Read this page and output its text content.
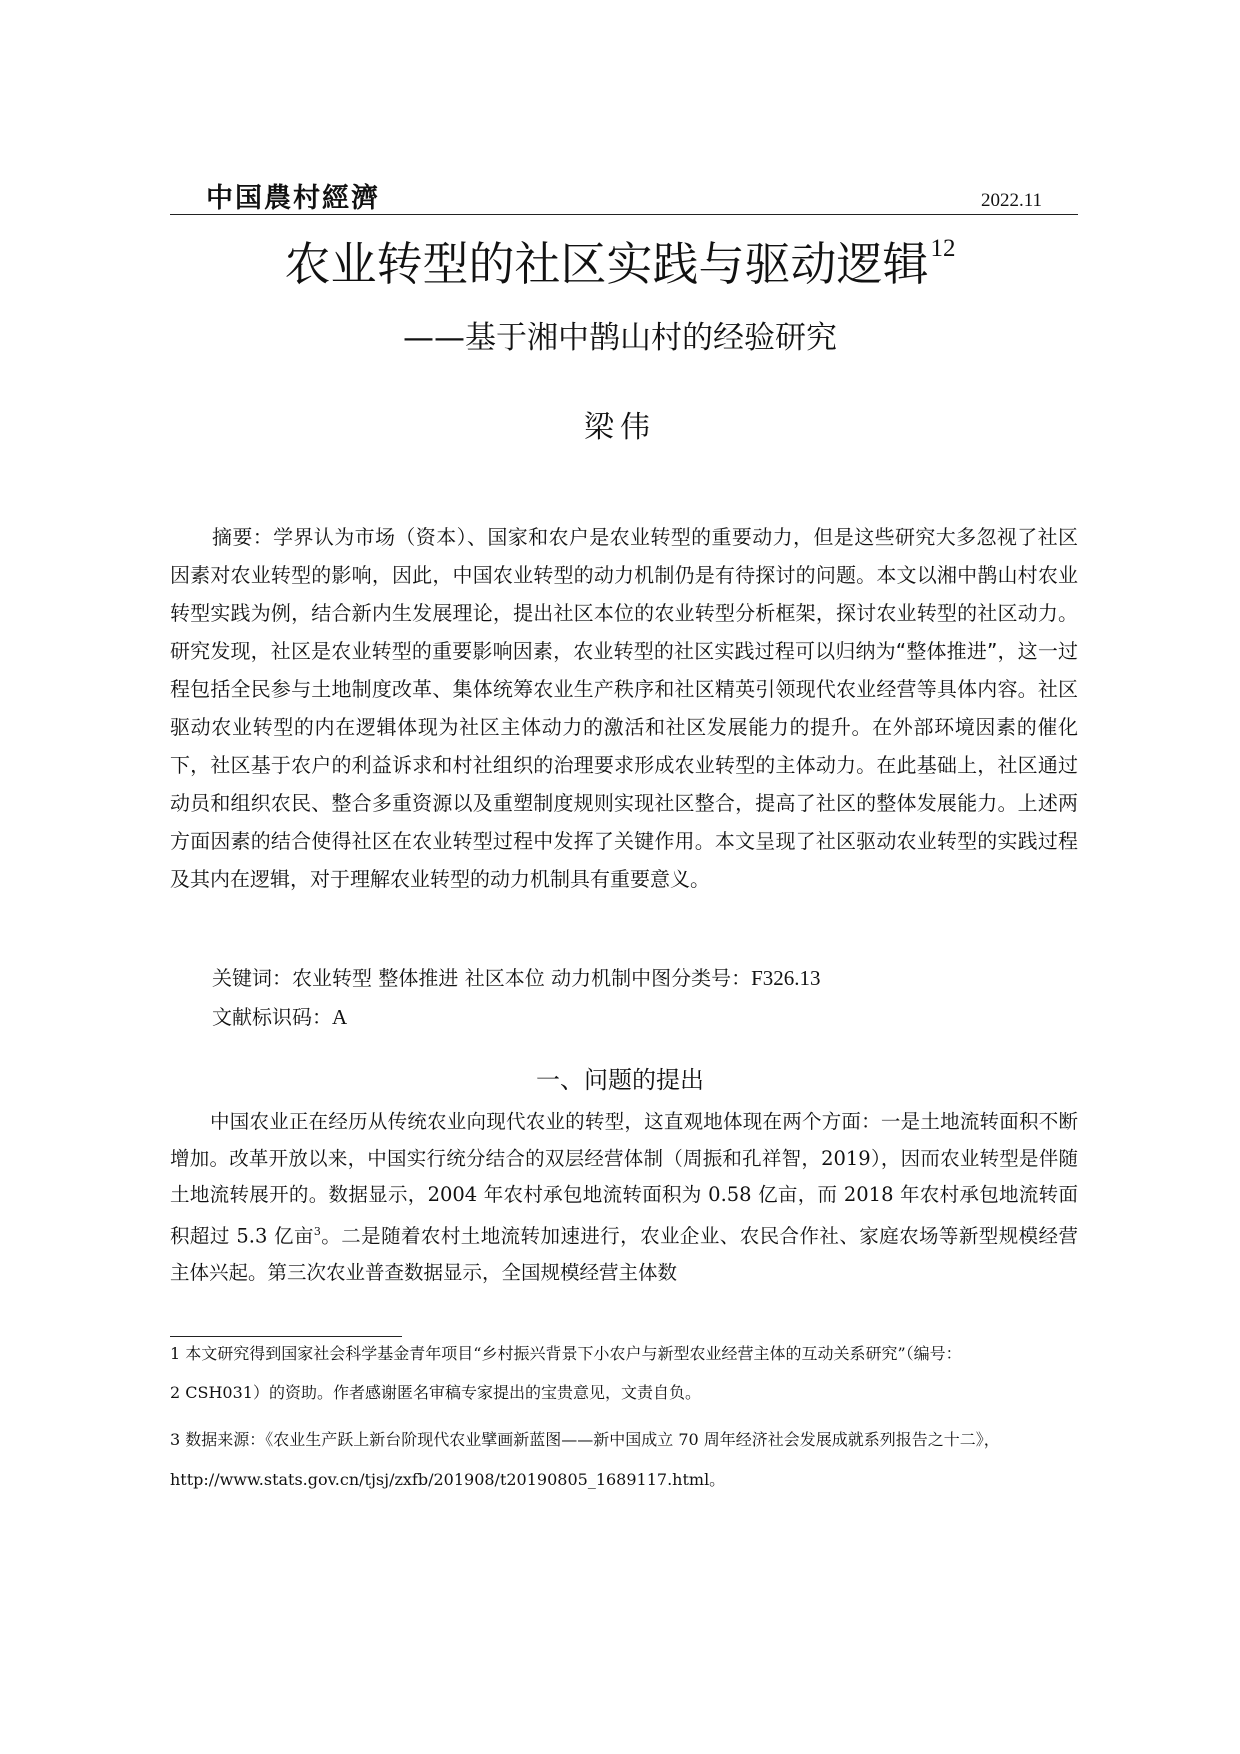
中国農村經濟	2022.11
农业转型的社区实践与驱动逻辑$^{12}$
——基于湘中鹊山村的经验研究
梁伟

摘要：学界认为市场（资本）、国家和农户是农业转型的重要动力，但是这些研究大多忽视了社区因素对农业转型的影响，因此，中国农业转型的动力机制仍是有待探讨的问题。本文以湘中鹊山村农业转型实践为例，结合新内生发展理论，提出社区本位的农业转型分析框架，探讨农业转型的社区动力。研究发现，社区是农业转型的重要影响因素，农业转型的社区实践过程可以归纳为“整体推进”，这一过程包括全民参与土地制度改革、集体统筹农业生产秩序和社区精英引领现代农业经营等具体内容。社区驱动农业转型的内在逻辑体现为社区主体动力的激活和社区发展能力的提升。在外部环境因素的催化下，社区基于农户的利益诉求和村社组织的治理要求形成农业转型的主体动力。在此基础上，社区通过动员和组织农民、整合多重资源以及重塑制度规则实现社区整合，提高了社区的整体发展能力。上述两方面因素的结合使得社区在农业转型过程中发挥了关键作用。本文呈现了社区驱动农业转型的实践过程及其内在逻辑，对于理解农业转型的动力机制具有重要意义。

关键词：农业转型 整体推进 社区本位 动力机制中图分类号：F326.13
文献标识码：A
一、问题的提出

中国农业正在经历从传统农业向现代农业的转型，这直观地体现在两个方面：一是土地流转面积不断增加。改革开放以来，中国实行统分结合的双层经营体制（周振和孔祥智，2019），因而农业转型是伴随土地流转展开的。数据显示，2004 年农村承包地流转面积为 0.58 亿亩，而 2018 年农村承包地流转面积超过 5.3 亿亩$^3$。二是随着农村土地流转加速进行，农业企业、农民合作社、家庭农场等新型规模经营主体兴起。第三次农业普查数据显示，全国规模经营主体数

1 本文研究得到国家社会科学基金青年项目“乡村振兴背景下小农户与新型农业经营主体的互动关系研究”（编号：

2 CSH031）的资助。作者感谢匿名审稿专家提出的宝贵意见，文责自负。

3 数据来源：《农业生产跃上新台阶现代农业擘画新蓝图——新中国成立 70 周年经济社会发展成就系列报告之十二》， http://www.stats.gov.cn/tjsj/zxfb/201908/t20190805_1689117.html。
